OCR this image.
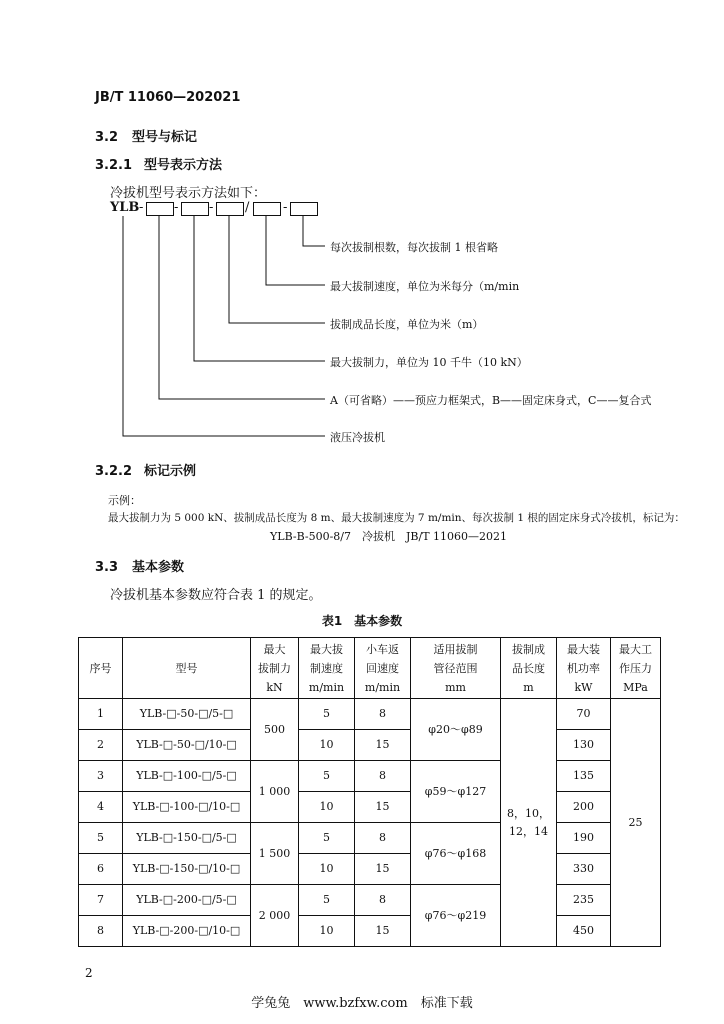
JB/T 11060—202021
3.2 型号与标记
3.2.1 型号表示方法
冷拔机型号表示方法如下：
YLB - - - /	-
每次拔制根数，每次拔制 1 根省略
最大拔制速度，单位为米每分（m/min
拔制成品长度，单位为米（m）
最大拔制力，单位为 10 千牛（10 kN）
A（可省略）——预应力框架式，B——固定床身式，C——复合式
液压冷拔机
3.2.2 标记示例
示例：
最大拔制力为 5 000 kN、拔制成品长度为 8 m、最大拔制速度为 7 m/min、每次拔制 1 根的固定床身式冷拔机，标记为：
YLB-B-500-8/7　冷拔机　JB/T 11060—2021
3.3 基本参数
冷拔机基本参数应符合表 1 的规定。
表1　基本参数
序号	型号	最大
拔制力
kN	最大拔
制速度
m/min	小车返
回速度
m/min	适用拔制
管径范围
mm	拔制成
品长度
m	最大装
机功率
kW	最大工
作压力
MPa
1	YLB-□-50-□/5-□	500	5	8	φ20～φ89	8，10，
12，14	70	25
2	YLB-□-50-□/10-□		10	15			130	
3	YLB-□-100-□/5-□	1 000	5	8	φ59～φ127		135	
4	YLB-□-100-□/10-□		10	15			200	
5	YLB-□-150-□/5-□	1 500	5	8	φ76～φ168		190	
6	YLB-□-150-□/10-□		10	15			330	
7	YLB-□-200-□/5-□	2 000	5	8	φ76～φ219		235	
8	YLB-□-200-□/10-□		10	15			450	
2
学兔兔　www.bzfxw.com　标准下载
